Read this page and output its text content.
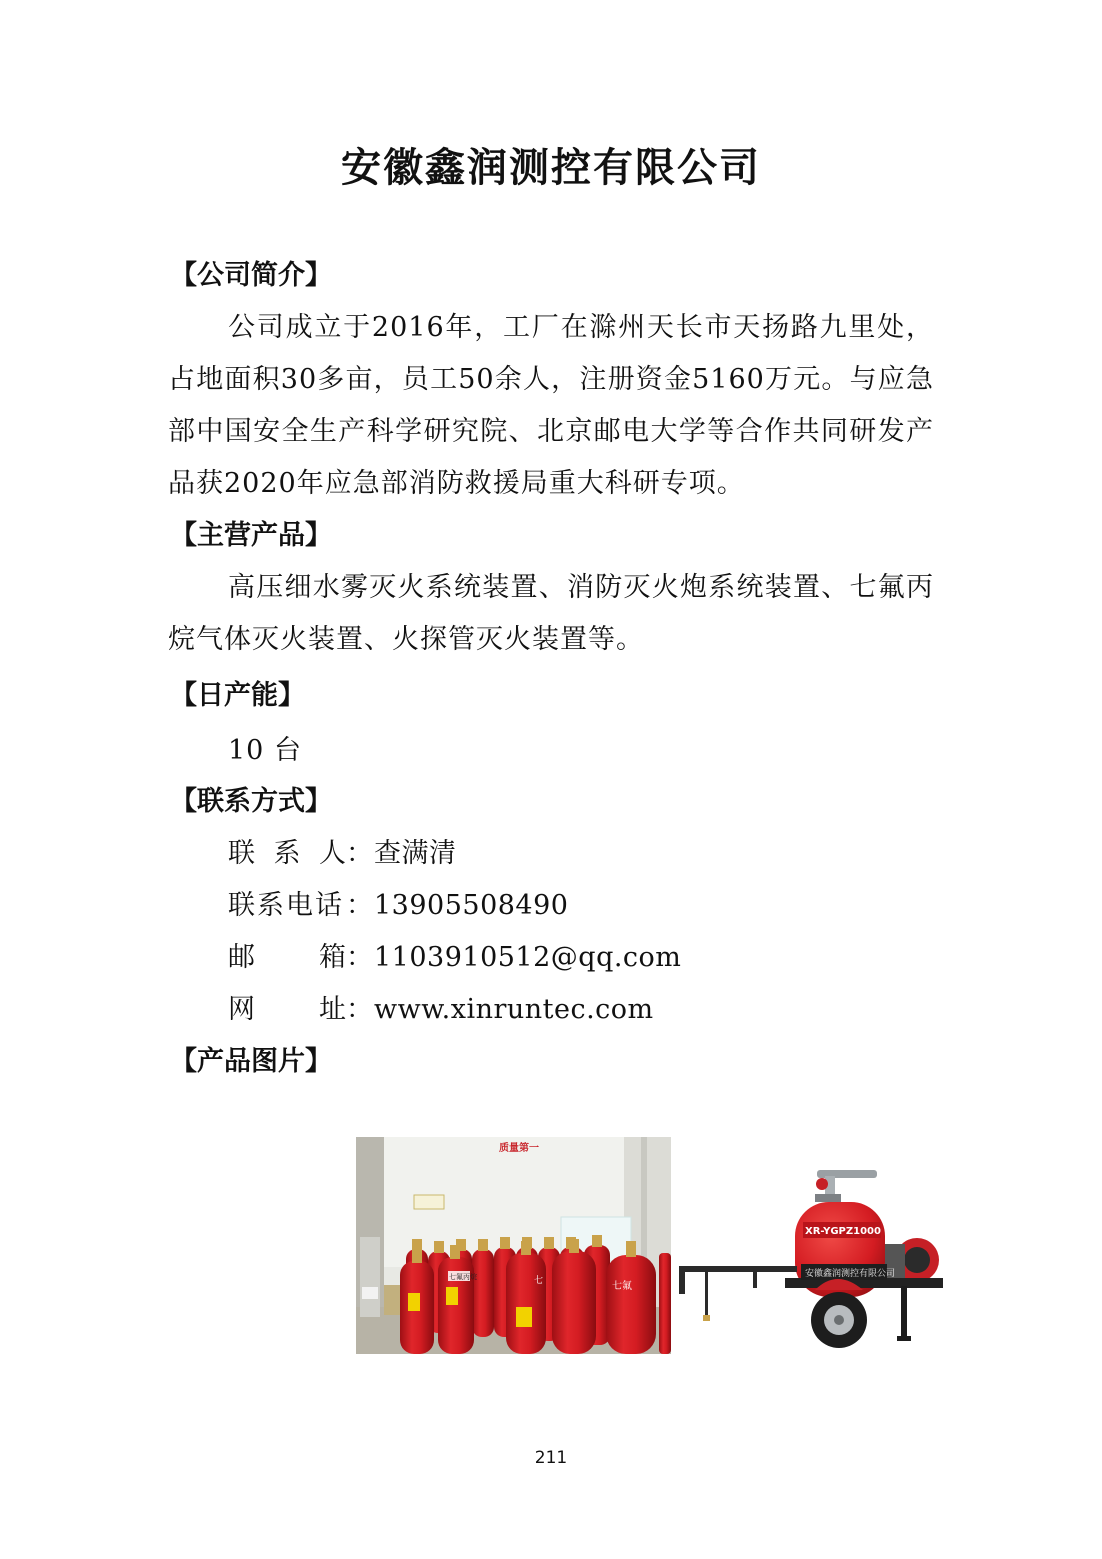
安徽鑫润测控有限公司
【公司简介】
公司成立于2016年，工厂在滁州天长市天扬路九里处，占地面积30多亩，员工50余人，注册资金5160万元。与应急部中国安全生产科学研究院、北京邮电大学等合作共同研发产品获2020年应急部消防救援局重大科研专项。
【主营产品】
高压细水雾灭火系统装置、消防灭火炮系统装置、七氟丙烷气体灭火装置、火探管灭火装置等。
【日产能】
10 台
【联系方式】
联 系 人 ： 查满清
联系电话 ： 13905508490
邮 箱 ： 1103910512@qq.com
网 址 ： www.xinruntec.com
【产品图片】
质量第一
七氟丙烷	七	七氟
XR-YGPZ1000
安徽鑫润测控有限公司
211
